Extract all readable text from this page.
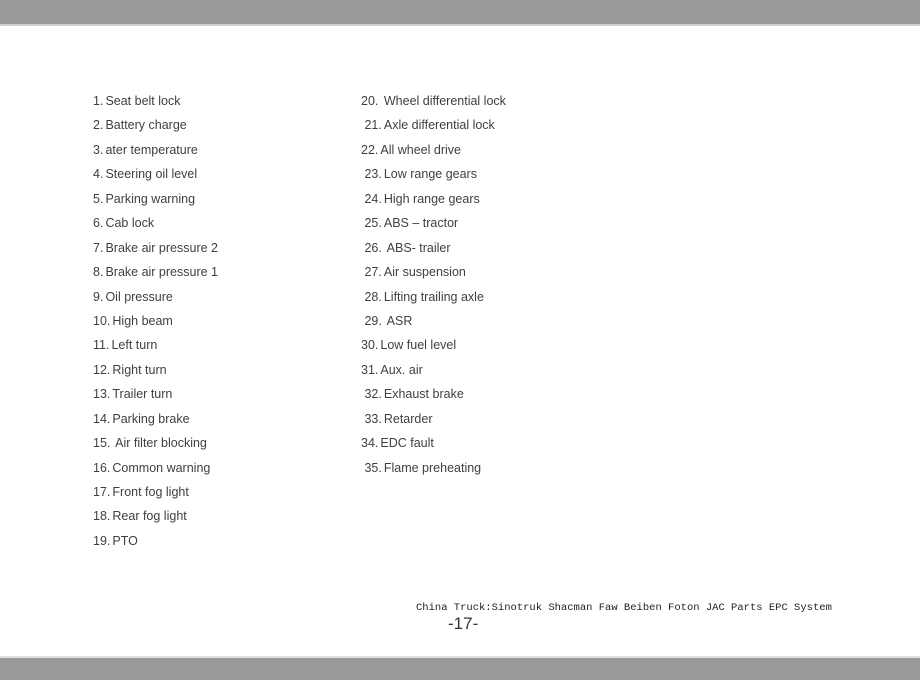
1. Seat belt lock
2. Battery charge
3. ater temperature
4. Steering oil level
5. Parking warning
6. Cab lock
7. Brake air pressure 2
8. Brake air pressure 1
9. Oil pressure
10. High beam
11. Left turn
12. Right turn
13. Trailer turn
14. Parking brake
15. Air filter blocking
16. Common warning
17. Front fog light
18. Rear fog light
19. PTO
20. Wheel differential lock
21. Axle differential lock
22. All wheel drive
23. Low range gears
24. High range gears
25. ABS – tractor
26. ABS- trailer
27. Air suspension
28. Lifting trailing axle
29. ASR
30. Low fuel level
31. Aux. air
32. Exhaust brake
33. Retarder
34. EDC fault
35. Flame preheating
China Truck:Sinotruk Shacman Faw Beiben Foton JAC Parts EPC System
-17-
